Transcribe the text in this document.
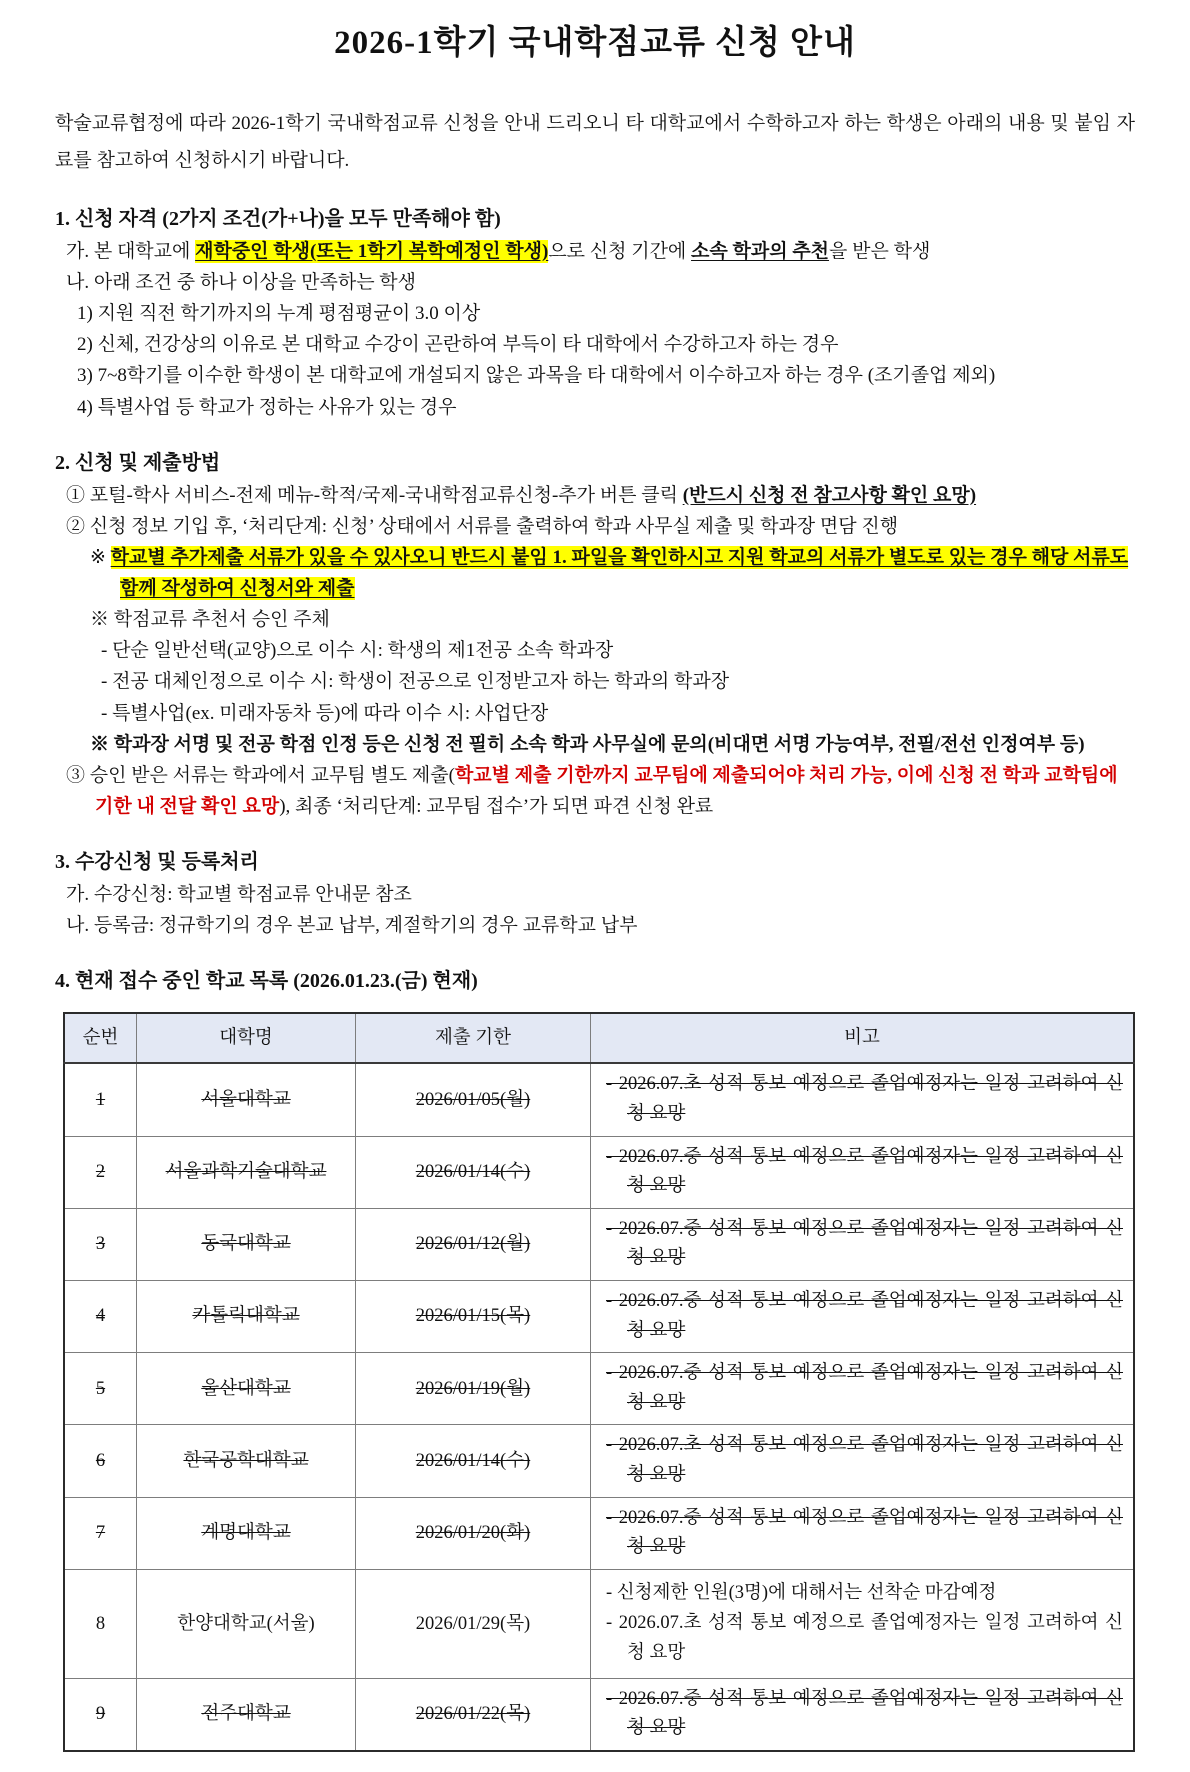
2026-1학기 국내학점교류 신청 안내

학술교류협정에 따라 2026-1학기 국내학점교류 신청을 안내 드리오니 타 대학교에서 수학하고자 하는 학생은 아래의 내용 및 붙임 자료를 참고하여 신청하시기 바랍니다.

1. 신청 자격 (2가지 조건(가+나)을 모두 만족해야 함)

가. 본 대학교에 재학중인 학생(또는 1학기 복학예정인 학생)으로 신청 기간에 소속 학과의 추천을 받은 학생

나. 아래 조건 중 하나 이상을 만족하는 학생

1) 지원 직전 학기까지의 누계 평점평균이 3.0 이상

2) 신체, 건강상의 이유로 본 대학교 수강이 곤란하여 부득이 타 대학에서 수강하고자 하는 경우

3) 7~8학기를 이수한 학생이 본 대학교에 개설되지 않은 과목을 타 대학에서 이수하고자 하는 경우 (조기졸업 제외)

4) 특별사업 등 학교가 정하는 사유가 있는 경우

2. 신청 및 제출방법

① 포털-학사 서비스-전제 메뉴-학적/국제-국내학점교류신청-추가 버튼 클릭 (반드시 신청 전 참고사항 확인 요망)

② 신청 정보 기입 후, ‘처리단계: 신청’ 상태에서 서류를 출력하여 학과 사무실 제출 및 학과장 면담 진행

※ 학교별 추가제출 서류가 있을 수 있사오니 반드시 붙임 1. 파일을 확인하시고 지원 학교의 서류가 별도로 있는 경우 해당 서류도 함께 작성하여 신청서와 제출

※ 학점교류 추천서 승인 주체

- 단순 일반선택(교양)으로 이수 시: 학생의 제1전공 소속 학과장

- 전공 대체인정으로 이수 시: 학생이 전공으로 인정받고자 하는 학과의 학과장

- 특별사업(ex. 미래자동차 등)에 따라 이수 시: 사업단장

※ 학과장 서명 및 전공 학점 인정 등은 신청 전 필히 소속 학과 사무실에 문의(비대면 서명 가능여부, 전필/전선 인정여부 등)

③ 승인 받은 서류는 학과에서 교무팀 별도 제출(학교별 제출 기한까지 교무팀에 제출되어야 처리 가능, 이에 신청 전 학과 교학팀에 기한 내 전달 확인 요망), 최종 ‘처리단계: 교무팀 접수’가 되면 파견 신청 완료

3. 수강신청 및 등록처리

가. 수강신청: 학교별 학점교류 안내문 참조

나. 등록금: 정규학기의 경우 본교 납부, 계절학기의 경우 교류학교 납부

4. 현재 접수 중인 학교 목록 (2026.01.23.(금) 현재)

순번	대학명	제출 기한	비고
1	서울대학교	2026/01/05(월)	- 2026.07.초 성적 통보 예정으로 졸업예정자는 일정 고려하여 신청 요망

2	서울과학기술대학교	2026/01/14(수)	- 2026.07.중 성적 통보 예정으로 졸업예정자는 일정 고려하여 신청 요망

3	동국대학교	2026/01/12(월)	- 2026.07.중 성적 통보 예정으로 졸업예정자는 일정 고려하여 신청 요망

4	카톨릭대학교	2026/01/15(목)	- 2026.07.중 성적 통보 예정으로 졸업예정자는 일정 고려하여 신청 요망

5	울산대학교	2026/01/19(월)	- 2026.07.중 성적 통보 예정으로 졸업예정자는 일정 고려하여 신청 요망

6	한국공학대학교	2026/01/14(수)	- 2026.07.초 성적 통보 예정으로 졸업예정자는 일정 고려하여 신청 요망

7	계명대학교	2026/01/20(화)	- 2026.07.중 성적 통보 예정으로 졸업예정자는 일정 고려하여 신청 요망

8	한양대학교(서울)	2026/01/29(목)	- 신청제한 인원(3명)에 대해서는 선착순 마감예정
- 2026.07.초 성적 통보 예정으로 졸업예정자는 일정 고려하여 신청 요망

9	전주대학교	2026/01/22(목)	- 2026.07.중 성적 통보 예정으로 졸업예정자는 일정 고려하여 신청 요망
